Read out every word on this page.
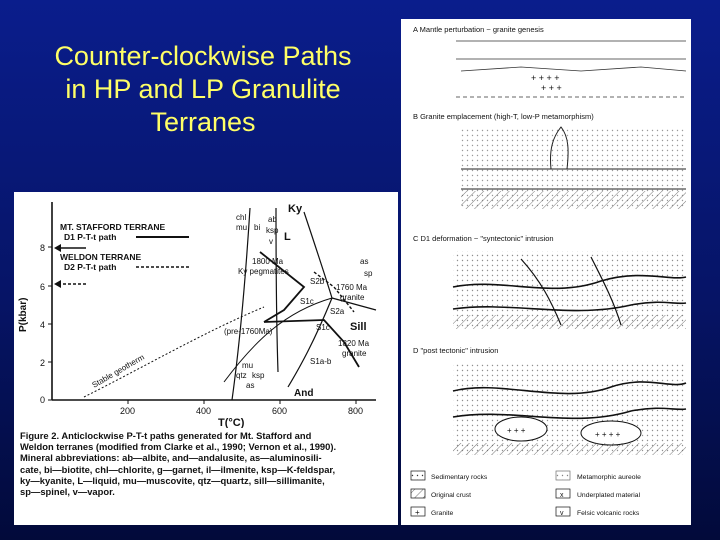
Counter-clockwise Paths
in HP and LP Granulite
Terranes
8
6
4
2
0
200	400	600	800
P(kbar)
T(°C)
MT. STAFFORD TERRANE
D1 P-T-t path
WELDON TERRANE
D2 P-T-t path
Ky
L
chl
mu bi
ab
ksp
v
1800 Ma
Ky pegmatites
S2b
as
sp
1760 Ma
granite
S1c
S2a
Sill
(pre-1760Ma)	S1c
1820 Ma
granite
S1a-b
mu
qtz ksp
as
And
Stable geotherm
Figure 2. Anticlockwise P-T-t paths generated for Mt. Stafford and
Weldon terranes (modified from Clarke et al., 1990; Vernon et al., 1990).
Mineral abbreviations: ab—albite, and—andalusite, as—aluminosili-
cate, bi—biotite, chl—chlorite, g—garnet, il—ilmenite, ksp—K-feldspar,
ky—kyanite, L—liquid, mu—muscovite, qtz—quartz, sill—sillimanite,
sp—spinel, v—vapor.
A Mantle perturbation ~ granite genesis
+ + + +
+ + +
B Granite emplacement (high-T, low-P metamorphism)
C D1 deformation ~ "syntectonic" intrusion
D "post tectonic" intrusion
+ + +	+ + + +
Sedimentary rocks	Metamorphic aureole
Original crust	x Underplated material
+ Granite	v Felsic volcanic rocks
